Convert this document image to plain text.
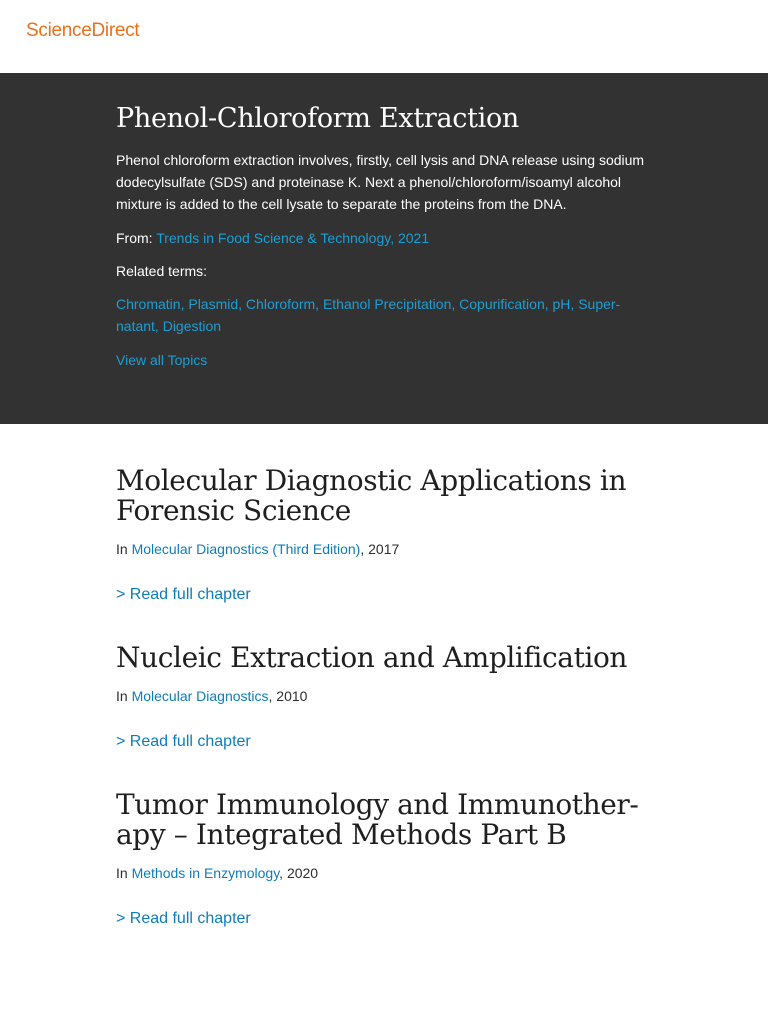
ScienceDirect
Phenol-Chloroform Extraction

Phenol chloroform extraction involves, firstly, cell lysis and DNA release using sodium dodecylsulfate (SDS) and proteinase K. Next a phenol/chloroform/isoamyl alcohol mixture is added to the cell lysate to separate the proteins from the DNA.

From: Trends in Food Science & Technology, 2021

Related terms:

Chromatin, Plasmid, Chloroform, Ethanol Precipitation, Copurification, pH, Super-natant, Digestion

View all Topics
Molecular Diagnostic Applications in Forensic Science

In Molecular Diagnostics (Third Edition), 2017

> Read full chapter
Nucleic Extraction and Amplification

In Molecular Diagnostics, 2010

> Read full chapter
Tumor Immunology and Immunother-apy – Integrated Methods Part B

In Methods in Enzymology, 2020

> Read full chapter
